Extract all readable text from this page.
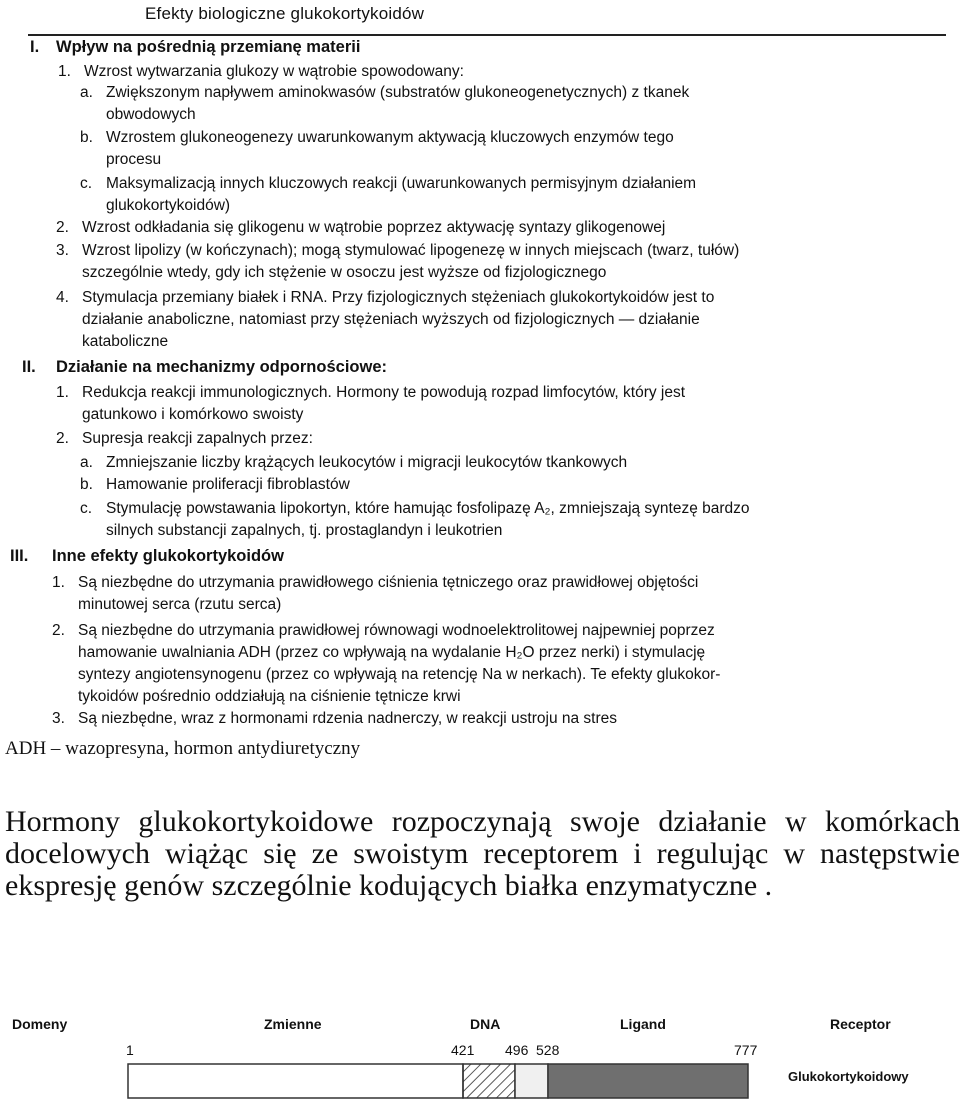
Efekty biologiczne glukokortykoidów
I. Wpływ na pośrednią przemianę materii
1. Wzrost wytwarzania glukozy w wątrobie spowodowany:
a. Zwiększonym napływem aminokwasów (substratów glukoneogenetycznych) z tkanek
obwodowych
b. Wzrostem glukoneogenezy uwarunkowanym aktywacją kluczowych enzymów tego
procesu
c. Maksymalizacją innych kluczowych reakcji (uwarunkowanych permisyjnym działaniem
glukokortykoidów)
2. Wzrost odkładania się glikogenu w wątrobie poprzez aktywację syntazy glikogenowej
3. Wzrost lipolizy (w kończynach); mogą stymulować lipogenezę w innych miejscach (twarz, tułów)
szczególnie wtedy, gdy ich stężenie w osoczu jest wyższe od fizjologicznego
4. Stymulacja przemiany białek i RNA. Przy fizjologicznych stężeniach glukokortykoidów jest to
działanie anaboliczne, natomiast przy stężeniach wyższych od fizjologicznych — działanie
kataboliczne
II. Działanie na mechanizmy odpornościowe:
1. Redukcja reakcji immunologicznych. Hormony te powodują rozpad limfocytów, który jest
gatunkowo i komórkowo swoisty
2. Supresja reakcji zapalnych przez:
a. Zmniejszanie liczby krążących leukocytów i migracji leukocytów tkankowych
b. Hamowanie proliferacji fibroblastów
c. Stymulację powstawania lipokortyn, które hamując fosfolipazę A₂, zmniejszają syntezę bardzo
silnych substancji zapalnych, tj. prostaglandyn i leukotrien
III. Inne efekty glukokortykoidów
1. Są niezbędne do utrzymania prawidłowego ciśnienia tętniczego oraz prawidłowej objętości
minutowej serca (rzutu serca)
2. Są niezbędne do utrzymania prawidłowej równowagi wodnoelektrolitowej najpewniej poprzez
hamowanie uwalniania ADH (przez co wpływają na wydalanie H₂O przez nerki) i stymulację
syntezy angiotensynogenu (przez co wpływają na retencję Na w nerkach). Te efekty glukokor-
tykoidów pośrednio oddziałują na ciśnienie tętnicze krwi
3. Są niezbędne, wraz z hormonami rdzenia nadnerczy, w reakcji ustroju na stres
ADH – wazopresyna, hormon antydiuretyczny
Hormony glukokortykoidowe rozpoczynają swoje działanie w komórkach docelowych wiążąc się ze swoistym receptorem i regulując w następstwie ekspresję genów szczególnie kodujących białka enzymatyczne .
Domeny	Zmienne	DNA	Ligand	Receptor
1	421 496 528	777
Glukokortykoidowy
